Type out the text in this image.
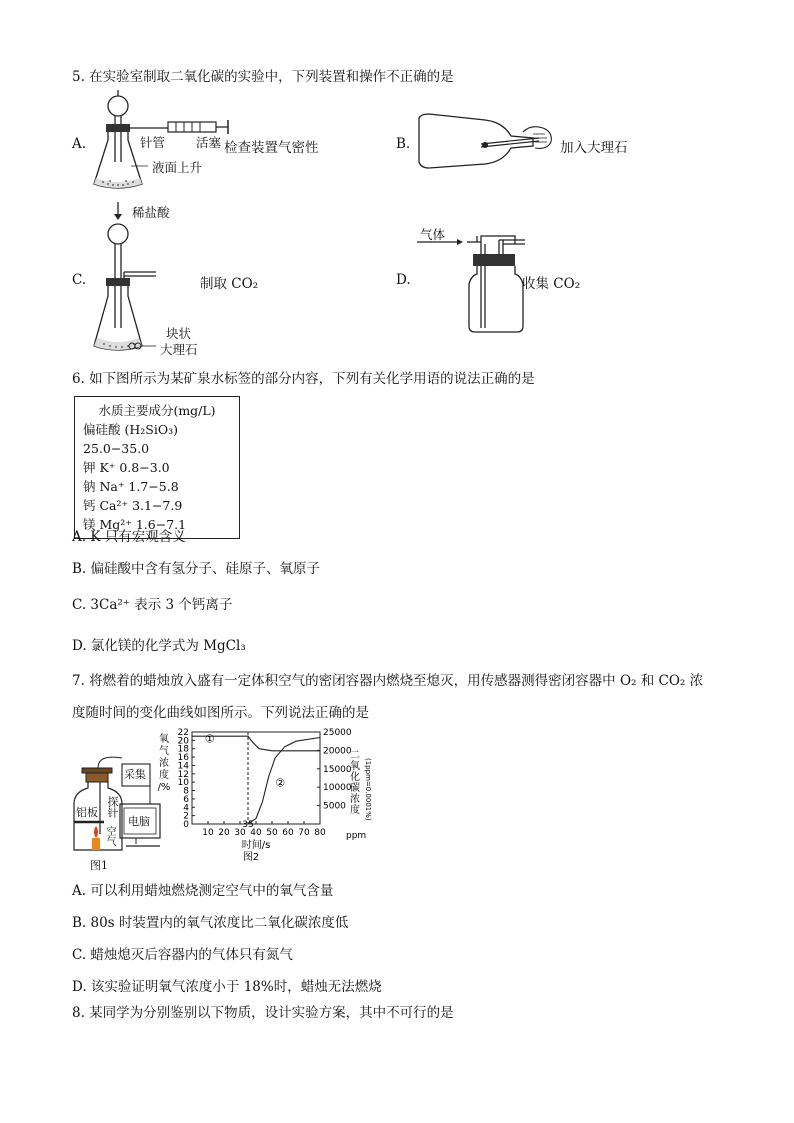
5. 在实验室制取二氧化碳的实验中，下列装置和操作不正确的是
A.	针管 活塞 检查装置气密性
液面上升
B.	加入大理石
C.
稀盐酸
制取 CO₂
块状
大理石
D.
气体
收集 CO₂
6. 如下图所示为某矿泉水标签的部分内容，下列有关化学用语的说法正确的是
水质主要成分(mg/L)
偏硅酸 (H₂SiO₃) 25.0−35.0
钾 K⁺ 0.8−3.0
钠 Na⁺ 1.7−5.8
钙 Ca²⁺ 3.1−7.9
镁 Mg²⁺ 1.6−7.1
A. K 只有宏观含义
B. 偏硅酸中含有氢分子、硅原子、氧原子
C. 3Ca²⁺ 表示 3 个钙离子
D. 氯化镁的化学式为 MgCl₃
7. 将燃着的蜡烛放入盛有一定体积空气的密闭容器内燃烧至熄灭，用传感器测得密闭容器中 O₂ 和 CO₂ 浓
度随时间的变化曲线如图所示。下列说法正确的是
采集
探针
铝板
电脑
空气
图1
22
20
18
16
14
12
10
8
6
4
2
0
25000
20000
15000
10000
5000
10 20 30 40 50 60 70 80
35
①
②
氧
气
浓
度
/%
二
氧
化
碳
浓
度 (1ppm=0.0001%)
ppm
时间/s
图2
A. 可以利用蜡烛燃烧测定空气中的氧气含量
B. 80s 时装置内的氧气浓度比二氧化碳浓度低
C. 蜡烛熄灭后容器内的气体只有氮气
D. 该实验证明氧气浓度小于 18%时，蜡烛无法燃烧
8. 某同学为分别鉴别以下物质，设计实验方案，其中不可行的是
